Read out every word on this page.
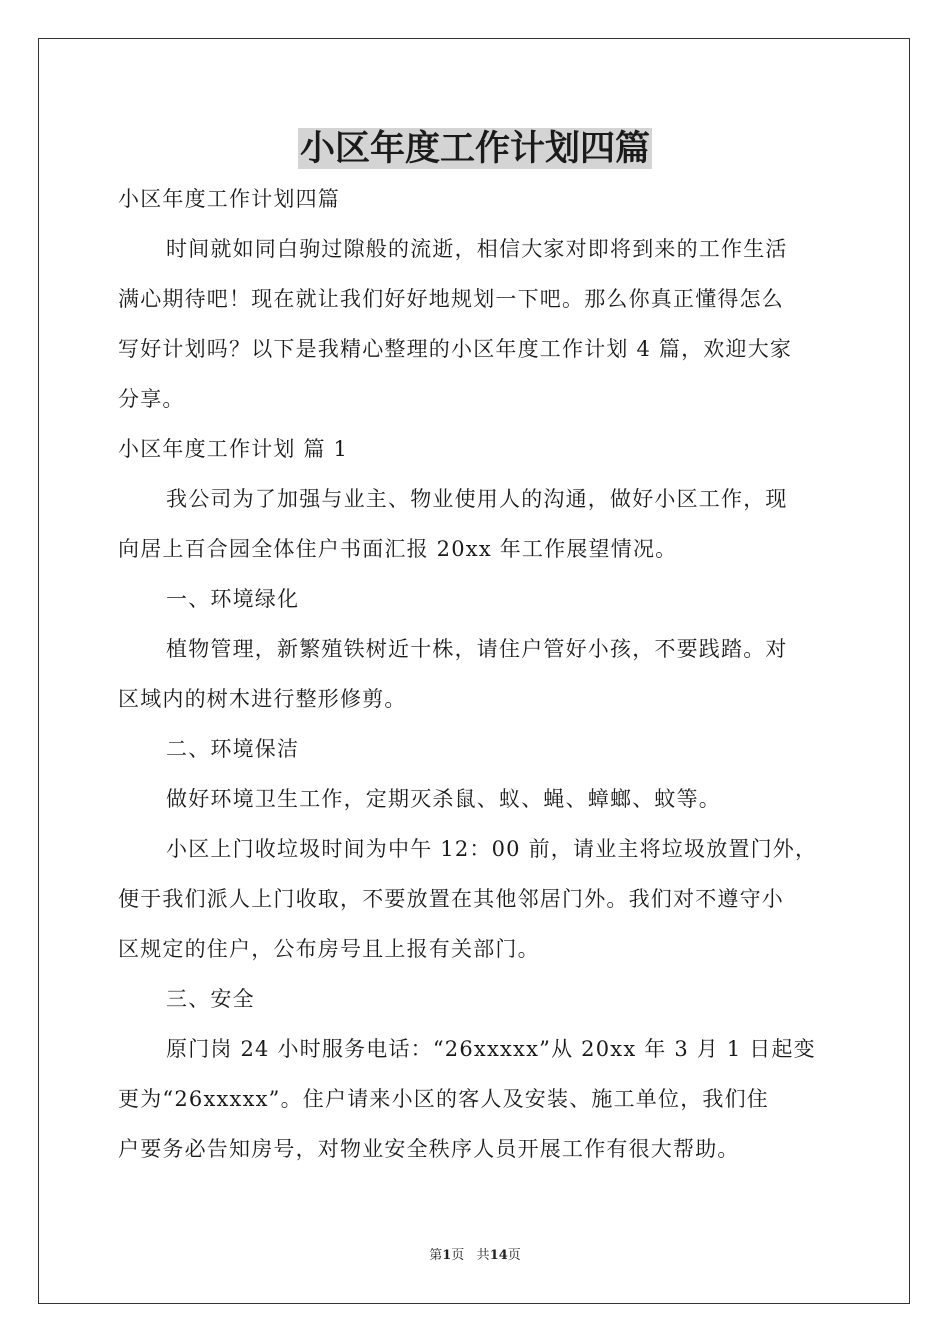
小区年度工作计划四篇
小区年度工作计划四篇
时间就如同白驹过隙般的流逝，相信大家对即将到来的工作生活
满心期待吧！现在就让我们好好地规划一下吧。那么你真正懂得怎么
写好计划吗？以下是我精心整理的小区年度工作计划 4 篇，欢迎大家
分享。
小区年度工作计划 篇 1
我公司为了加强与业主、物业使用人的沟通，做好小区工作，现
向居上百合园全体住户书面汇报 20xx 年工作展望情况。
一、环境绿化
植物管理，新繁殖铁树近十株，请住户管好小孩，不要践踏。对
区域内的树木进行整形修剪。
二、环境保洁
做好环境卫生工作，定期灭杀鼠、蚁、蝇、蟑螂、蚊等。
小区上门收垃圾时间为中午 12：00 前，请业主将垃圾放置门外，
便于我们派人上门收取，不要放置在其他邻居门外。我们对不遵守小
区规定的住户，公布房号且上报有关部门。
三、安全
原门岗 24 小时服务电话：“26xxxxx”从 20xx 年 3 月 1 日起变
更为“26xxxxx”。住户请来小区的客人及安装、施工单位，我们住
户要务必告知房号，对物业安全秩序人员开展工作有很大帮助。
第1页 共14页
